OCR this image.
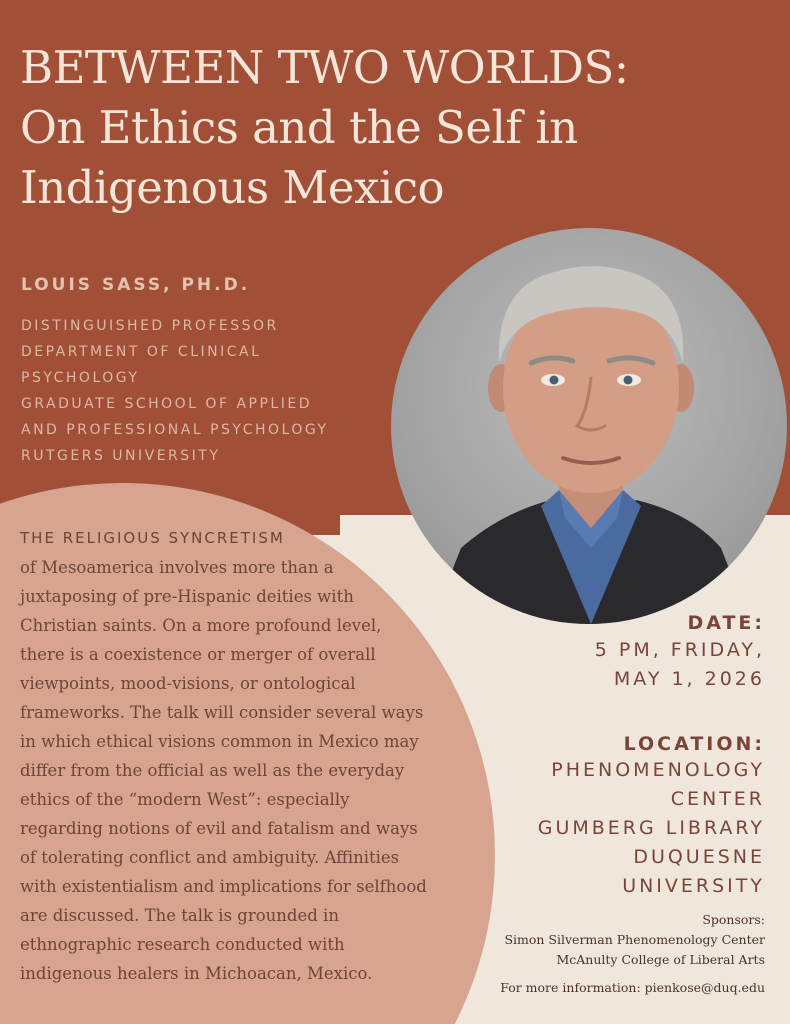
BETWEEN TWO WORLDS:
On Ethics and the Self in
Indigenous Mexico
LOUIS SASS, PH.D.
DISTINGUISHED PROFESSOR
DEPARTMENT OF CLINICAL
PSYCHOLOGY
GRADUATE SCHOOL OF APPLIED
AND PROFESSIONAL PSYCHOLOGY
RUTGERS UNIVERSITY

THE RELIGIOUS SYNCRETISM
of Mesoamerica involves more than a juxtaposing of pre-Hispanic deities with Christian saints. On a more profound level, there is a coexistence or merger of overall viewpoints, mood-visions, or ontological frameworks. The talk will consider several ways in which ethical visions common in Mexico may differ from the official as well as the everyday ethics of the “modern West”: especially regarding notions of evil and fatalism and ways of tolerating conflict and ambiguity. Affinities with existentialism and implications for selfhood are discussed. The talk is grounded in ethnographic research conducted with indigenous healers in Michoacan, Mexico.

DATE:
5 PM, FRIDAY,
MAY 1, 2026
LOCATION:
PHENOMENOLOGY
CENTER
GUMBERG LIBRARY
DUQUESNE
UNIVERSITY
Sponsors:
Simon Silverman Phenomenology Center
McAnulty College of Liberal Arts
For more information: pienkose@duq.edu
